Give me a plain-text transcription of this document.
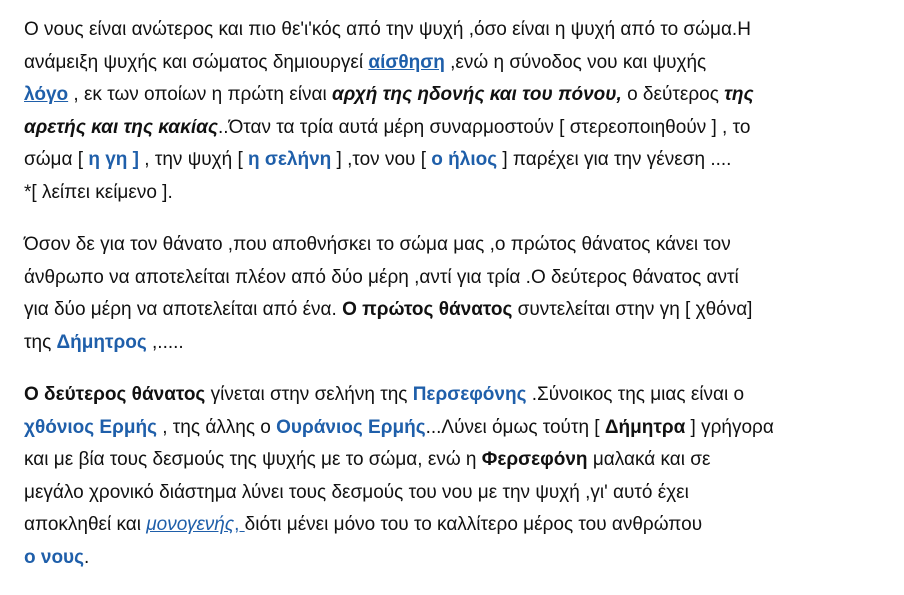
Ο νους είναι ανώτερος και πιο θε'ι'κός από την ψυχή ,όσο είναι η ψυχή από το σώμα.Η
ανάμειξη ψυχής και σώματος δημιουργεί αίσθηση ,ενώ η σύνοδος νου και ψυχής
λόγο , εκ των οποίων η πρώτη είναι αρχή της ηδονής και του πόνου, ο δεύτερος της
αρετής και της κακίας..Όταν τα τρία αυτά μέρη συναρμοστούν [ στερεοποιηθούν ] , το
σώμα [ η γη ] , την ψυχή [ η σελήνη ] ,τον νου [ ο ήλιος ] παρέχει για την γένεση ....
*[ λείπει κείμενο ].

Όσον δε για τον θάνατο ,που αποθνήσκει το σώμα μας ,ο πρώτος θάνατος κάνει τον
άνθρωπο να αποτελείται πλέον από δύο μέρη ,αντί για τρία .Ο δεύτερος θάνατος αντί
για δύο μέρη να αποτελείται από ένα. Ο πρώτος θάνατος συντελείται στην γη [ χθόνα]
της Δήμητρος ,.....

Ο δεύτερος θάνατος γίνεται στην σελήνη της Περσεφόνης .Σύνοικος της μιας είναι ο
χθόνιος Ερμής , της άλλης ο Ουράνιος Ερμής...Λύνει όμως τούτη [ Δήμητρα ] γρήγορα
και με βία τους δεσμούς της ψυχής με το σώμα, ενώ η Φερσεφόνη μαλακά και σε
μεγάλο χρονικό διάστημα λύνει τους δεσμούς του νου με την ψυχή ,γι' αυτό έχει
αποκληθεί και μονογενής, διότι μένει μόνο του το καλλίτερο μέρος του ανθρώπου
ο νους.
